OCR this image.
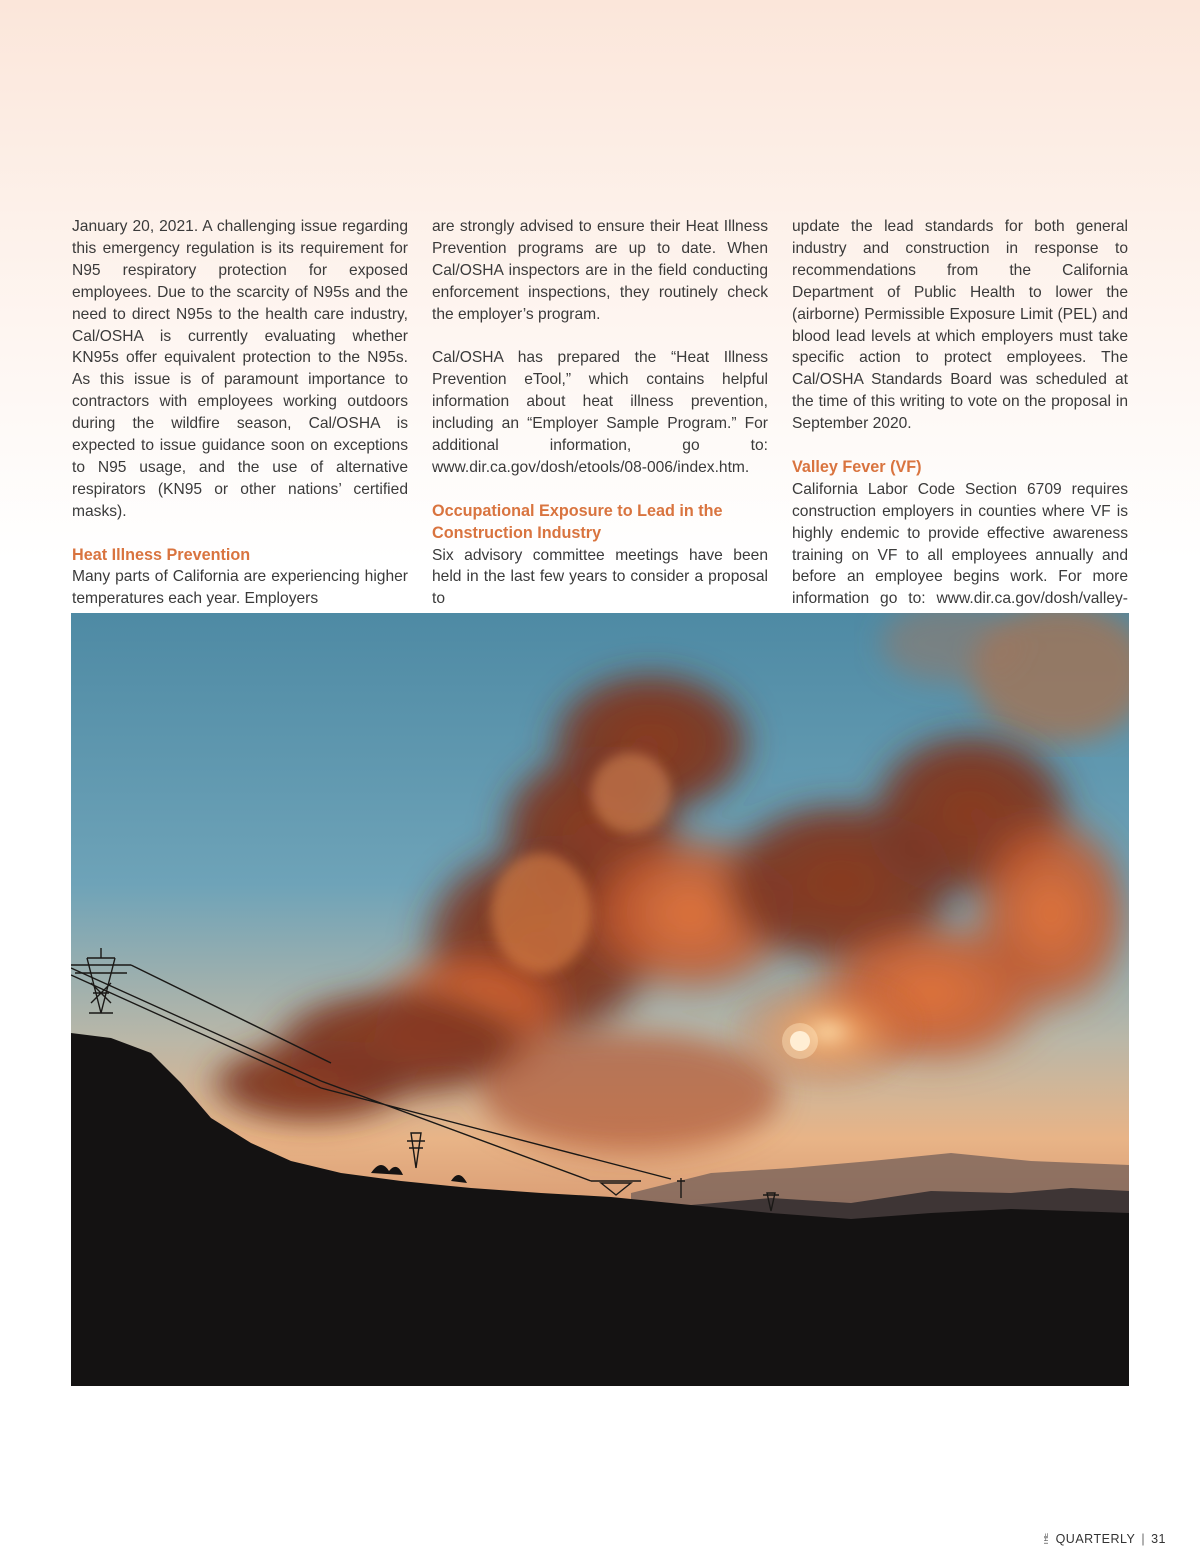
January 20, 2021. A challenging issue regarding this emergency regulation is its requirement for N95 respiratory protection for exposed employees. Due to the scarcity of N95s and the need to direct N95s to the health care industry, Cal/OSHA is currently evaluating whether KN95s offer equivalent protection to the N95s. As this issue is of paramount importance to contractors with employees working outdoors during the wildfire season, Cal/OSHA is expected to issue guidance soon on exceptions to N95 usage, and the use of alternative respirators (KN95 or other nations’ certified masks).

Heat Illness Prevention

Many parts of California are experiencing higher temperatures each year. Employers

are strongly advised to ensure their Heat Illness Prevention programs are up to date. When Cal/OSHA inspectors are in the field conducting enforcement inspections, they routinely check the employer’s program.

Cal/OSHA has prepared the “Heat Illness Prevention eTool,” which contains helpful information about heat illness prevention, including an “Employer Sample Program.” For additional information, go to: www.dir.ca.gov/dosh/etools/08-006/index.htm.

Occupational Exposure to Lead in the Construction Industry

Six advisory committee meetings have been held in the last few years to consider a proposal to

update the lead standards for both general industry and construction in response to recommendations from the California Department of Public Health to lower the (airborne) Permissible Exposure Limit (PEL) and blood lead levels at which employers must take specific action to protect employees. The Cal/OSHA Standards Board was scheduled at the time of this writing to vote on the proposal in September 2020.

Valley Fever (VF)

California Labor Code Section 6709 requires construction employers in counties where VF is highly endemic to provide effective awareness training on VF to all employees annually and before an employee begins work. For more information go to: www.dir.ca.gov/dosh/valley-

THE QUARTERLY | 31
